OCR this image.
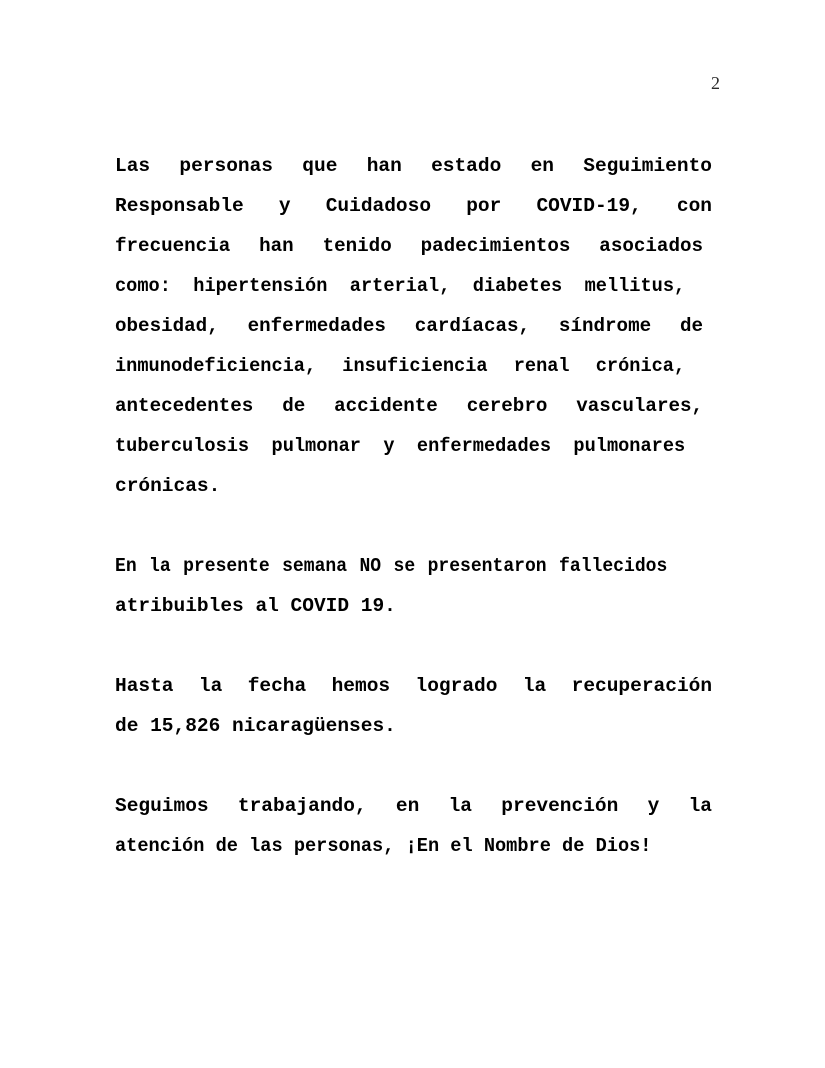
2
Las personas que han estado en Seguimiento
Responsable y Cuidadoso por COVID-19, con
frecuencia han tenido padecimientos asociados
como: hipertensión arterial, diabetes mellitus,
obesidad, enfermedades cardíacas, síndrome de
inmunodeficiencia, insuficiencia renal crónica,
antecedentes de accidente cerebro vasculares,
tuberculosis pulmonar y enfermedades pulmonares
crónicas.
En la presente semana NO se presentaron fallecidos
atribuibles al COVID 19.
Hasta la fecha hemos logrado la recuperación
de 15,826 nicaragüenses.
Seguimos trabajando, en la prevención y la
atención de las personas, ¡En el Nombre de Dios!
